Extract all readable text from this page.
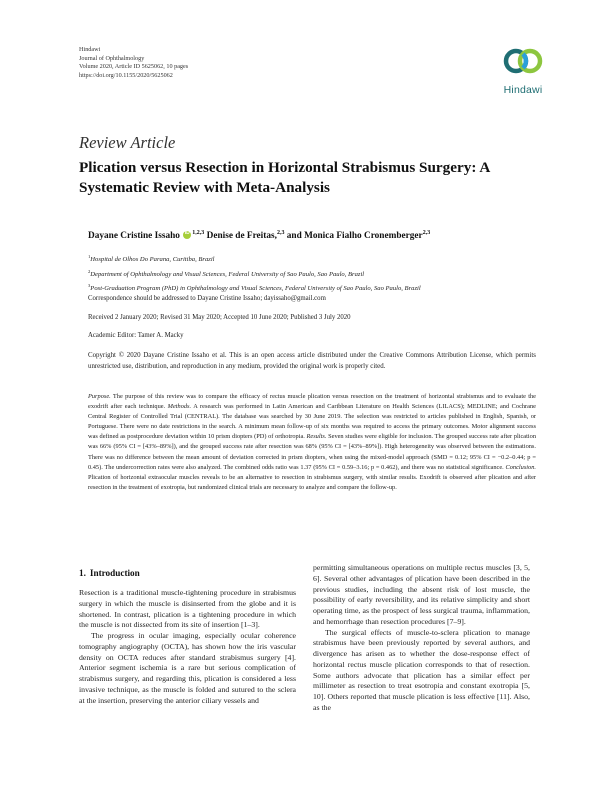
Hindawi
Journal of Ophthalmology
Volume 2020, Article ID 5625062, 10 pages
https://doi.org/10.1155/2020/5625062
Hindawi
Review Article
Plication versus Resection in Horizontal Strabismus Surgery: A Systematic Review with Meta-Analysis
Dayane Cristine Issaho iD $^{1,2,3}$ Denise de Freitas,$^{2,3}$ and Monica Fialho Cronemberger$^{2,3}$
$^1$Hospital de Olhos Do Parana, Curitiba, Brazil
$^2$Department of Ophthalmology and Visual Sciences, Federal University of Sao Paulo, Sao Paulo, Brazil
$^3$Post-Graduation Program (PhD) in Ophthalmology and Visual Sciences, Federal University of Sao Paulo, Sao Paulo, Brazil
Correspondence should be addressed to Dayane Cristine Issaho; dayissaho@gmail.com
Received 2 January 2020; Revised 31 May 2020; Accepted 10 June 2020; Published 3 July 2020
Academic Editor: Tamer A. Macky
Copyright © 2020 Dayane Cristine Issaho et al. This is an open access article distributed under the Creative Commons Attribution License, which permits unrestricted use, distribution, and reproduction in any medium, provided the original work is properly cited.
Purpose. The purpose of this review was to compare the efficacy of rectus muscle plication versus resection on the treatment of horizontal strabismus and to evaluate the exodrift after each technique. Methods. A research was performed in Latin American and Caribbean Literature on Health Sciences (LILACS); MEDLINE; and Cochrane Central Register of Controlled Trial (CENTRAL). The database was searched by 30 June 2019. The selection was restricted to articles published in English, Spanish, or Portuguese. There were no date restrictions in the search. A minimum mean follow-up of six months was required to access the primary outcomes. Motor alignment success was defined as postprocedure deviation within 10 prism diopters (PD) of orthotropia. Results. Seven studies were eligible for inclusion. The grouped success rate after plication was 66% (95% CI = [43%–89%]), and the grouped success rate after resection was 68% (95% CI = [43%–89%]). High heterogeneity was observed between the estimations. There was no difference between the mean amount of deviation corrected in prism diopters, when using the mixed-model approach (SMD = 0.12; 95% CI = −0.2–0.44; p = 0.45). The undercorrection rates were also analyzed. The combined odds ratio was 1.37 (95% CI = 0.59–3.16; p = 0.462), and there was no statistical significance. Conclusion. Plication of horizontal extraocular muscles reveals to be an alternative to resection in strabismus surgery, with similar results. Exodrift is observed after plication and after resection in the treatment of exotropia, but randomized clinical trials are necessary to analyze and compare the follow-up.
1. Introduction

Resection is a traditional muscle-tightening procedure in strabismus surgery in which the muscle is disinserted from the globe and it is shortened. In contrast, plication is a tightening procedure in which the muscle is not dissected from its site of insertion [1–3].

The progress in ocular imaging, especially ocular coherence tomography angiography (OCTA), has shown how the iris vascular density on OCTA reduces after standard strabismus surgery [4]. Anterior segment ischemia is a rare but serious complication of strabismus surgery, and regarding this, plication is considered a less invasive technique, as the muscle is folded and sutured to the sclera at the insertion, preserving the anterior ciliary vessels and

permitting simultaneous operations on multiple rectus muscles [3, 5, 6]. Several other advantages of plication have been described in the previous studies, including the absent risk of lost muscle, the possibility of early reversibility, and its relative simplicity and short operating time, as the prospect of less surgical trauma, inflammation, and hemorrhage than resection procedures [7–9].

The surgical effects of muscle-to-sclera plication to manage strabismus have been previously reported by several authors, and divergence has arisen as to whether the dose-response effect of horizontal rectus muscle plication corresponds to that of resection. Some authors advocate that plication has a similar effect per millimeter as resection to treat esotropia and constant exotropia [5, 10]. Others reported that muscle plication is less effective [11]. Also, as the
